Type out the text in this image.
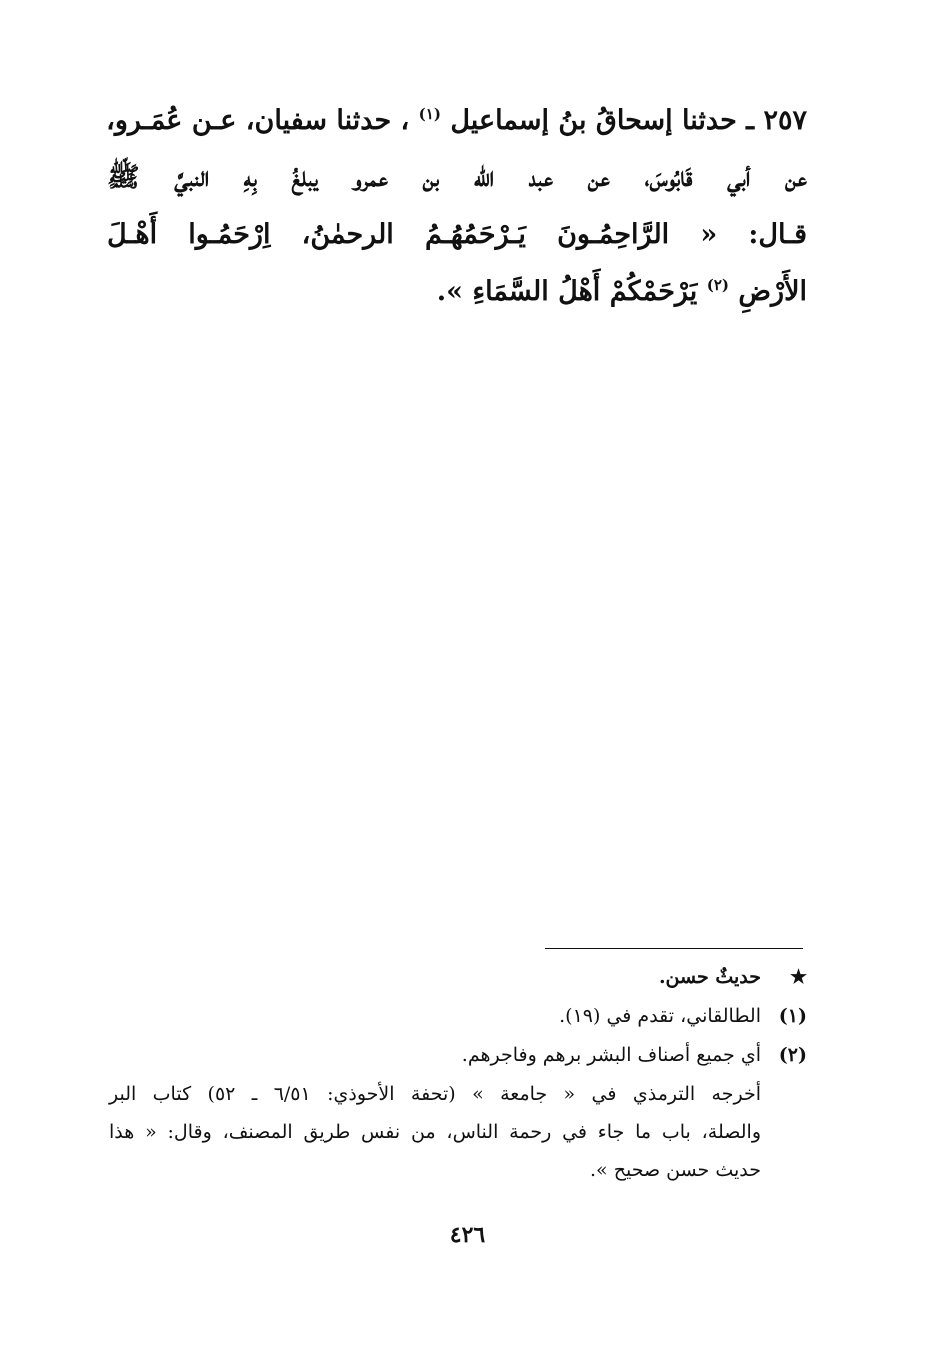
٢٥٧ ـ حدثنا إسحاقُ بنُ إسماعيل $^{(١)}$ ، حدثنا سفيان، عـن عُمَـرو،
عن أبي قَابُوسَ، عن عبد الله بن عمرو يبلغُ بِهِ النبيَّ ﷺ
قـال: « الرَّاحِمُـونَ يَـرْحَمُهُـمُ الرحمٰنُ، اِرْحَمُـوا أَهْـلَ
الأَرْضِ $^{(٢)}$ يَرْحَمْكُمْ أَهْلُ السَّمَاءِ ».
★
حديثٌ حسن.
(١)
الطالقاني، تقدم في (١٩).
(٢)
أي جميع أصناف البشر برهم وفاجرهم.
أخرجه الترمذي في « جامعة » (تحفة الأحوذي: ٦/٥١ ـ ٥٢) كتاب البر
والصلة، باب ما جاء في رحمة الناس، من نفس طريق المصنف، وقال: « هذا
حديث حسن صحيح ».
٤٢٦
